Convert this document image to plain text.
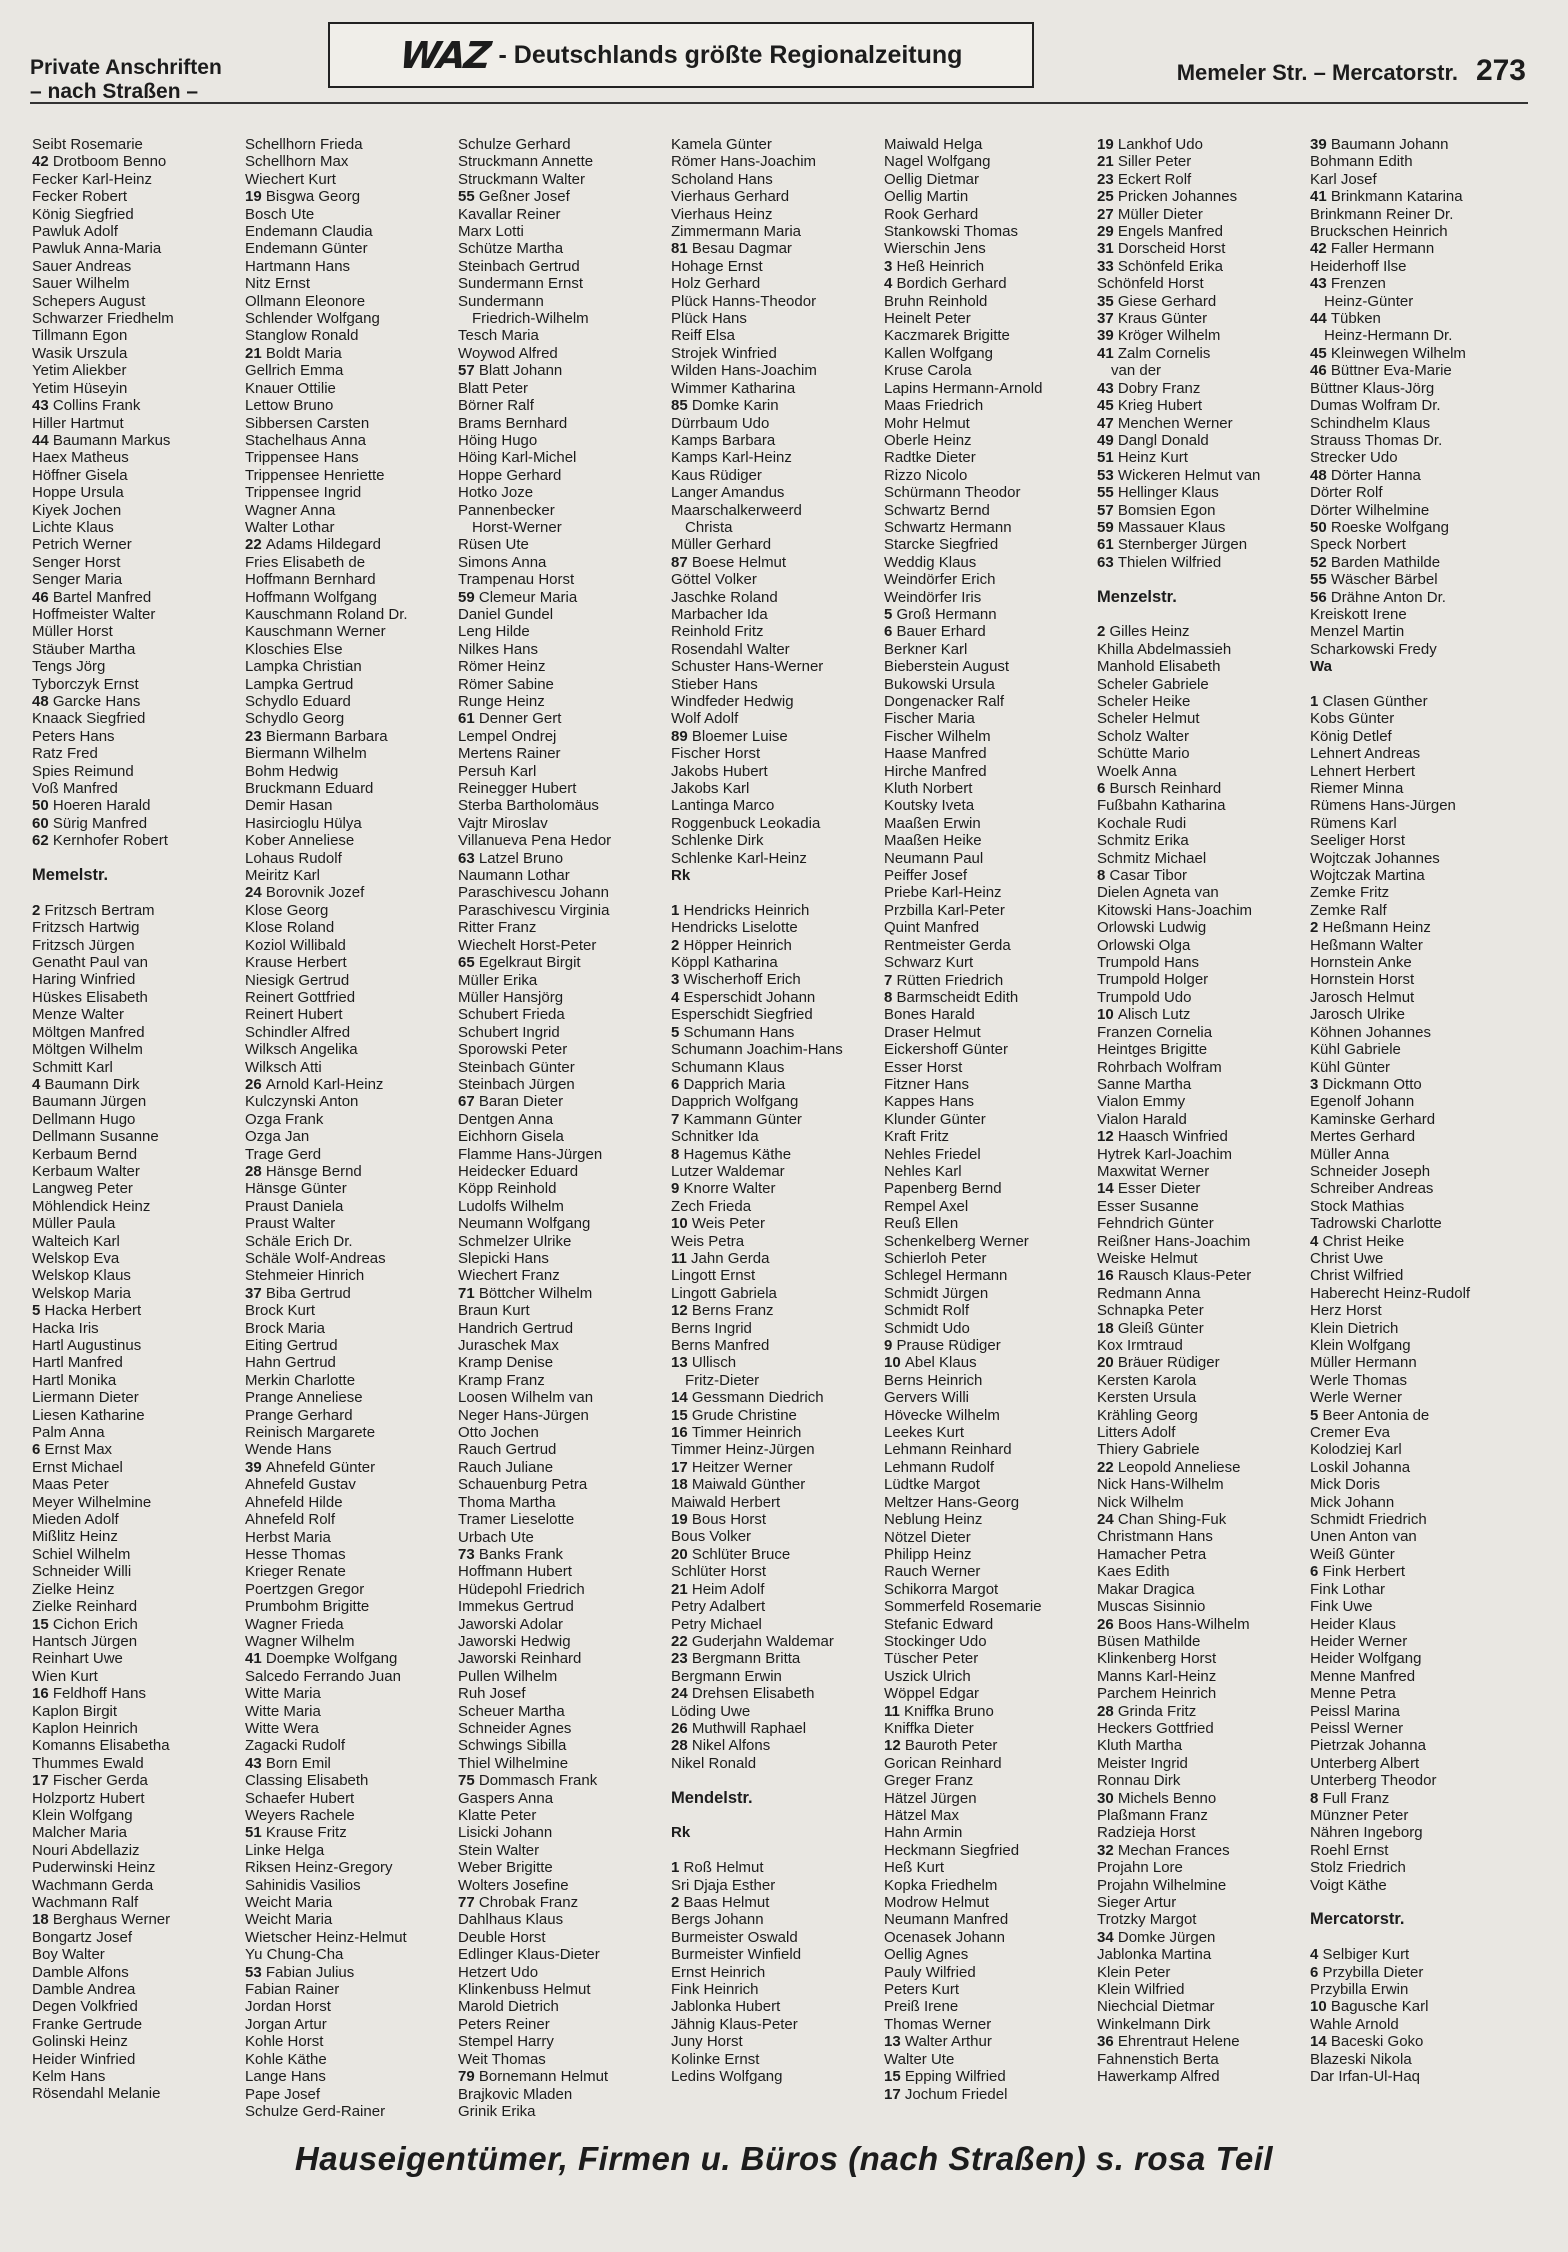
Private Anschriften
– nach Straßen –
WAZ - Deutschlands größte Regionalzeitung
Memeler Str. – Mercatorstr. 273
Seibt Rosemarie
42 Drotboom Benno
Fecker Karl-Heinz
Fecker Robert
König Siegfried
Pawluk Adolf
Pawluk Anna-Maria
Sauer Andreas
Sauer Wilhelm
Schepers August
Schwarzer Friedhelm
Tillmann Egon
Wasik Urszula
Yetim Aliekber
Yetim Hüseyin
43 Collins Frank
Hiller Hartmut
44 Baumann Markus
Haex Matheus
Höffner Gisela
Hoppe Ursula
Kiyek Jochen
Lichte Klaus
Petrich Werner
Senger Horst
Senger Maria
46 Bartel Manfred
Hoffmeister Walter
Müller Horst
Stäuber Martha
Tengs Jörg
Tyborczyk Ernst
48 Garcke Hans
Knaack Siegfried
Peters Hans
Ratz Fred
Spies Reimund
Voß Manfred
50 Hoeren Harald
60 Sürig Manfred
62 Kernhofer Robert
Memelstr.
2 Fritzsch Bertram
Fritzsch Hartwig
Fritzsch Jürgen
Genatht Paul van
Haring Winfried
Hüskes Elisabeth
Menze Walter
Möltgen Manfred
Möltgen Wilhelm
Schmitt Karl
4 Baumann Dirk
Baumann Jürgen
Dellmann Hugo
Dellmann Susanne
Kerbaum Bernd
Kerbaum Walter
Langweg Peter
Möhlendick Heinz
Müller Paula
Walteich Karl
Welskop Eva
Welskop Klaus
Welskop Maria
5 Hacka Herbert
Hacka Iris
Hartl Augustinus
Hartl Manfred
Hartl Monika
Liermann Dieter
Liesen Katharine
Palm Anna
6 Ernst Max
Ernst Michael
Maas Peter
Meyer Wilhelmine
Mieden Adolf
Mißlitz Heinz
Schiel Wilhelm
Schneider Willi
Zielke Heinz
Zielke Reinhard
15 Cichon Erich
Hantsch Jürgen
Reinhart Uwe
Wien Kurt
16 Feldhoff Hans
Kaplon Birgit
Kaplon Heinrich
Komanns Elisabetha
Thummes Ewald
17 Fischer Gerda
Holzportz Hubert
Klein Wolfgang
Malcher Maria
Nouri Abdellaziz
Puderwinski Heinz
Wachmann Gerda
Wachmann Ralf
18 Berghaus Werner
Bongartz Josef
Boy Walter
Damble Alfons
Damble Andrea
Degen Volkfried
Franke Gertrude
Golinski Heinz
Heider Winfried
Kelm Hans
Rösendahl Melanie
Schellhorn Frieda
Schellhorn Max
Wiechert Kurt
19 Bisgwa Georg
Bosch Ute
Endemann Claudia
Endemann Günter
Hartmann Hans
Nitz Ernst
Ollmann Eleonore
Schlender Wolfgang
Stanglow Ronald
21 Boldt Maria
Gellrich Emma
Knauer Ottilie
Lettow Bruno
Sibbersen Carsten
Stachelhaus Anna
Trippensee Hans
Trippensee Henriette
Trippensee Ingrid
Wagner Anna
Walter Lothar
22 Adams Hildegard
Fries Elisabeth de
Hoffmann Bernhard
Hoffmann Wolfgang
Kauschmann Roland Dr.
Kauschmann Werner
Kloschies Else
Lampka Christian
Lampka Gertrud
Schydlo Eduard
Schydlo Georg
23 Biermann Barbara
Biermann Wilhelm
Bohm Hedwig
Bruckmann Eduard
Demir Hasan
Hasircioglu Hülya
Kober Anneliese
Lohaus Rudolf
Meiritz Karl
24 Borovnik Jozef
Klose Georg
Klose Roland
Koziol Willibald
Krause Herbert
Niesigk Gertrud
Reinert Gottfried
Reinert Hubert
Schindler Alfred
Wilksch Angelika
Wilksch Atti
26 Arnold Karl-Heinz
Kulczynski Anton
Ozga Frank
Ozga Jan
Trage Gerd
28 Hänsge Bernd
Hänsge Günter
Praust Daniela
Praust Walter
Schäle Erich Dr.
Schäle Wolf-Andreas
Stehmeier Hinrich
37 Biba Gertrud
Brock Kurt
Brock Maria
Eiting Gertrud
Hahn Gertrud
Merkin Charlotte
Prange Anneliese
Prange Gerhard
Reinisch Margarete
Wende Hans
39 Ahnefeld Günter
Ahnefeld Gustav
Ahnefeld Hilde
Ahnefeld Rolf
Herbst Maria
Hesse Thomas
Krieger Renate
Poertzgen Gregor
Prumbohm Brigitte
Wagner Frieda
Wagner Wilhelm
41 Doempke Wolfgang
Salcedo Ferrando Juan
Witte Maria
Witte Maria
Witte Wera
Zagacki Rudolf
43 Born Emil
Classing Elisabeth
Schaefer Hubert
Weyers Rachele
51 Krause Fritz
Linke Helga
Riksen Heinz-Gregory
Sahinidis Vasilios
Weicht Maria
Weicht Maria
Wietscher Heinz-Helmut
Yu Chung-Cha
53 Fabian Julius
Fabian Rainer
Jordan Horst
Jorgan Artur
Kohle Horst
Kohle Käthe
Lange Hans
Pape Josef
Schulze Gerd-Rainer
Schulze Gerhard
Struckmann Annette
Struckmann Walter
55 Geßner Josef
Kavallar Reiner
Marx Lotti
Schütze Martha
Steinbach Gertrud
Sundermann Ernst
Sundermann
Friedrich-Wilhelm
Tesch Maria
Woywod Alfred
57 Blatt Johann
Blatt Peter
Börner Ralf
Brams Bernhard
Höing Hugo
Höing Karl-Michel
Hoppe Gerhard
Hotko Joze
Pannenbecker
Horst-Werner
Rüsen Ute
Simons Anna
Trampenau Horst
59 Clemeur Maria
Daniel Gundel
Leng Hilde
Nilkes Hans
Römer Heinz
Römer Sabine
Runge Heinz
61 Denner Gert
Lempel Ondrej
Mertens Rainer
Persuh Karl
Reinegger Hubert
Sterba Bartholomäus
Vajtr Miroslav
Villanueva Pena Hedor
63 Latzel Bruno
Naumann Lothar
Paraschivescu Johann
Paraschivescu Virginia
Ritter Franz
Wiechelt Horst-Peter
65 Egelkraut Birgit
Müller Erika
Müller Hansjörg
Schubert Frieda
Schubert Ingrid
Sporowski Peter
Steinbach Günter
Steinbach Jürgen
67 Baran Dieter
Dentgen Anna
Eichhorn Gisela
Flamme Hans-Jürgen
Heidecker Eduard
Köpp Reinhold
Ludolfs Wilhelm
Neumann Wolfgang
Schmelzer Ulrike
Slepicki Hans
Wiechert Franz
71 Böttcher Wilhelm
Braun Kurt
Handrich Gertrud
Juraschek Max
Kramp Denise
Kramp Franz
Loosen Wilhelm van
Neger Hans-Jürgen
Otto Jochen
Rauch Gertrud
Rauch Juliane
Schauenburg Petra
Thoma Martha
Tramer Lieselotte
Urbach Ute
73 Banks Frank
Hoffmann Hubert
Hüdepohl Friedrich
Immekus Gertrud
Jaworski Adolar
Jaworski Hedwig
Jaworski Reinhard
Pullen Wilhelm
Ruh Josef
Scheuer Martha
Schneider Agnes
Schwings Sibilla
Thiel Wilhelmine
75 Dommasch Frank
Gaspers Anna
Klatte Peter
Lisicki Johann
Stein Walter
Weber Brigitte
Wolters Josefine
77 Chrobak Franz
Dahlhaus Klaus
Deuble Horst
Edlinger Klaus-Dieter
Hetzert Udo
Klinkenbuss Helmut
Marold Dietrich
Peters Reiner
Stempel Harry
Weit Thomas
79 Bornemann Helmut
Brajkovic Mladen
Grinik Erika
Kamela Günter
Römer Hans-Joachim
Scholand Hans
Vierhaus Gerhard
Vierhaus Heinz
Zimmermann Maria
81 Besau Dagmar
Hohage Ernst
Holz Gerhard
Plück Hanns-Theodor
Plück Hans
Reiff Elsa
Strojek Winfried
Wilden Hans-Joachim
Wimmer Katharina
85 Domke Karin
Dürrbaum Udo
Kamps Barbara
Kamps Karl-Heinz
Kaus Rüdiger
Langer Amandus
Maarschalkerweerd
Christa
Müller Gerhard
87 Boese Helmut
Göttel Volker
Jaschke Roland
Marbacher Ida
Reinhold Fritz
Rosendahl Walter
Schuster Hans-Werner
Stieber Hans
Windfeder Hedwig
Wolf Adolf
89 Bloemer Luise
Fischer Horst
Jakobs Hubert
Jakobs Karl
Lantinga Marco
Roggenbuck Leokadia
Schlenke Dirk
Schlenke Karl-Heinz
Rk
1 Hendricks Heinrich
Hendricks Liselotte
2 Höpper Heinrich
Köppl Katharina
3 Wischerhoff Erich
4 Esperschidt Johann
Esperschidt Siegfried
5 Schumann Hans
Schumann Joachim-Hans
Schumann Klaus
6 Dapprich Maria
Dapprich Wolfgang
7 Kammann Günter
Schnitker Ida
8 Hagemus Käthe
Lutzer Waldemar
9 Knorre Walter
Zech Frieda
10 Weis Peter
Weis Petra
11 Jahn Gerda
Lingott Ernst
Lingott Gabriela
12 Berns Franz
Berns Ingrid
Berns Manfred
13 Ullisch
Fritz-Dieter
14 Gessmann Diedrich
15 Grude Christine
16 Timmer Heinrich
Timmer Heinz-Jürgen
17 Heitzer Werner
18 Maiwald Günther
Maiwald Herbert
19 Bous Horst
Bous Volker
20 Schlüter Bruce
Schlüter Horst
21 Heim Adolf
Petry Adalbert
Petry Michael
22 Guderjahn Waldemar
23 Bergmann Britta
Bergmann Erwin
24 Drehsen Elisabeth
Löding Uwe
26 Muthwill Raphael
28 Nikel Alfons
Nikel Ronald
Mendelstr.
Rk
1 Roß Helmut
Sri Djaja Esther
2 Baas Helmut
Bergs Johann
Burmeister Oswald
Burmeister Winfield
Ernst Heinrich
Fink Heinrich
Jablonka Hubert
Jähnig Klaus-Peter
Juny Horst
Kolinke Ernst
Ledins Wolfgang
Maiwald Helga
Nagel Wolfgang
Oellig Dietmar
Oellig Martin
Rook Gerhard
Stankowski Thomas
Wierschin Jens
3 Heß Heinrich
4 Bordich Gerhard
Bruhn Reinhold
Heinelt Peter
Kaczmarek Brigitte
Kallen Wolfgang
Kruse Carola
Lapins Hermann-Arnold
Maas Friedrich
Mohr Helmut
Oberle Heinz
Radtke Dieter
Rizzo Nicolo
Schürmann Theodor
Schwartz Bernd
Schwartz Hermann
Starcke Siegfried
Weddig Klaus
Weindörfer Erich
Weindörfer Iris
5 Groß Hermann
6 Bauer Erhard
Berkner Karl
Bieberstein August
Bukowski Ursula
Dongenacker Ralf
Fischer Maria
Fischer Wilhelm
Haase Manfred
Hirche Manfred
Kluth Norbert
Koutsky Iveta
Maaßen Erwin
Maaßen Heike
Neumann Paul
Peiffer Josef
Priebe Karl-Heinz
Przbilla Karl-Peter
Quint Manfred
Rentmeister Gerda
Schwarz Kurt
7 Rütten Friedrich
8 Barmscheidt Edith
Bones Harald
Draser Helmut
Eickershoff Günter
Esser Horst
Fitzner Hans
Kappes Hans
Klunder Günter
Kraft Fritz
Nehles Friedel
Nehles Karl
Papenberg Bernd
Rempel Axel
Reuß Ellen
Schenkelberg Werner
Schierloh Peter
Schlegel Hermann
Schmidt Jürgen
Schmidt Rolf
Schmidt Udo
9 Prause Rüdiger
10 Abel Klaus
Berns Heinrich
Gervers Willi
Hövecke Wilhelm
Leekes Kurt
Lehmann Reinhard
Lehmann Rudolf
Lüdtke Margot
Meltzer Hans-Georg
Neblung Heinz
Nötzel Dieter
Philipp Heinz
Rauch Werner
Schikorra Margot
Sommerfeld Rosemarie
Stefanic Edward
Stockinger Udo
Tüscher Peter
Uszick Ulrich
Wöppel Edgar
11 Kniffka Bruno
Kniffka Dieter
12 Bauroth Peter
Gorican Reinhard
Greger Franz
Hätzel Jürgen
Hätzel Max
Hahn Armin
Heckmann Siegfried
Heß Kurt
Kopka Friedhelm
Modrow Helmut
Neumann Manfred
Ocenasek Johann
Oellig Agnes
Pauly Wilfried
Peters Kurt
Preiß Irene
Thomas Werner
13 Walter Arthur
Walter Ute
15 Epping Wilfried
17 Jochum Friedel
19 Lankhof Udo
21 Siller Peter
23 Eckert Rolf
25 Pricken Johannes
27 Müller Dieter
29 Engels Manfred
31 Dorscheid Horst
33 Schönfeld Erika
Schönfeld Horst
35 Giese Gerhard
37 Kraus Günter
39 Kröger Wilhelm
41 Zalm Cornelis
van der
43 Dobry Franz
45 Krieg Hubert
47 Menchen Werner
49 Dangl Donald
51 Heinz Kurt
53 Wickeren Helmut van
55 Hellinger Klaus
57 Bomsien Egon
59 Massauer Klaus
61 Sternberger Jürgen
63 Thielen Wilfried
Menzelstr.
2 Gilles Heinz
Khilla Abdelmassieh
Manhold Elisabeth
Scheler Gabriele
Scheler Heike
Scheler Helmut
Scholz Walter
Schütte Mario
Woelk Anna
6 Bursch Reinhard
Fußbahn Katharina
Kochale Rudi
Schmitz Erika
Schmitz Michael
8 Casar Tibor
Dielen Agneta van
Kitowski Hans-Joachim
Orlowski Ludwig
Orlowski Olga
Trumpold Hans
Trumpold Holger
Trumpold Udo
10 Alisch Lutz
Franzen Cornelia
Heintges Brigitte
Rohrbach Wolfram
Sanne Martha
Vialon Emmy
Vialon Harald
12 Haasch Winfried
Hytrek Karl-Joachim
Maxwitat Werner
14 Esser Dieter
Esser Susanne
Fehndrich Günter
Reißner Hans-Joachim
Weiske Helmut
16 Rausch Klaus-Peter
Redmann Anna
Schnapka Peter
18 Gleiß Günter
Kox Irmtraud
20 Bräuer Rüdiger
Kersten Karola
Kersten Ursula
Krähling Georg
Litters Adolf
Thiery Gabriele
22 Leopold Anneliese
Nick Hans-Wilhelm
Nick Wilhelm
24 Chan Shing-Fuk
Christmann Hans
Hamacher Petra
Kaes Edith
Makar Dragica
Muscas Sisinnio
26 Boos Hans-Wilhelm
Büsen Mathilde
Klinkenberg Horst
Manns Karl-Heinz
Parchem Heinrich
28 Grinda Fritz
Heckers Gottfried
Kluth Martha
Meister Ingrid
Ronnau Dirk
30 Michels Benno
Plaßmann Franz
Radzieja Horst
32 Mechan Frances
Projahn Lore
Projahn Wilhelmine
Sieger Artur
Trotzky Margot
34 Domke Jürgen
Jablonka Martina
Klein Peter
Klein Wilfried
Niechcial Dietmar
Winkelmann Dirk
36 Ehrentraut Helene
Fahnenstich Berta
Hawerkamp Alfred
39 Baumann Johann
Bohmann Edith
Karl Josef
41 Brinkmann Katarina
Brinkmann Reiner Dr.
Bruckschen Heinrich
42 Faller Hermann
Heiderhoff Ilse
43 Frenzen
Heinz-Günter
44 Tübken
Heinz-Hermann Dr.
45 Kleinwegen Wilhelm
46 Büttner Eva-Marie
Büttner Klaus-Jörg
Dumas Wolfram Dr.
Schindhelm Klaus
Strauss Thomas Dr.
Strecker Udo
48 Dörter Hanna
Dörter Rolf
Dörter Wilhelmine
50 Roeske Wolfgang
Speck Norbert
52 Barden Mathilde
55 Wäscher Bärbel
56 Drähne Anton Dr.
Kreiskott Irene
Menzel Martin
Scharkowski Fredy
Wa
1 Clasen Günther
Kobs Günter
König Detlef
Lehnert Andreas
Lehnert Herbert
Riemer Minna
Rümens Hans-Jürgen
Rümens Karl
Seeliger Horst
Wojtczak Johannes
Wojtczak Martina
Zemke Fritz
Zemke Ralf
2 Heßmann Heinz
Heßmann Walter
Hornstein Anke
Hornstein Horst
Jarosch Helmut
Jarosch Ulrike
Köhnen Johannes
Kühl Gabriele
Kühl Günter
3 Dickmann Otto
Egenolf Johann
Kaminske Gerhard
Mertes Gerhard
Müller Anna
Schneider Joseph
Schreiber Andreas
Stock Mathias
Tadrowski Charlotte
4 Christ Heike
Christ Uwe
Christ Wilfried
Haberecht Heinz-Rudolf
Herz Horst
Klein Dietrich
Klein Wolfgang
Müller Hermann
Werle Thomas
Werle Werner
5 Beer Antonia de
Cremer Eva
Kolodziej Karl
Loskil Johanna
Mick Doris
Mick Johann
Schmidt Friedrich
Unen Anton van
Weiß Günter
6 Fink Herbert
Fink Lothar
Fink Uwe
Heider Klaus
Heider Werner
Heider Wolfgang
Menne Manfred
Menne Petra
Peissl Marina
Peissl Werner
Pietrzak Johanna
Unterberg Albert
Unterberg Theodor
8 Full Franz
Münzner Peter
Nähren Ingeborg
Roehl Ernst
Stolz Friedrich
Voigt Käthe
Mercatorstr.
4 Selbiger Kurt
6 Przybilla Dieter
Przybilla Erwin
10 Bagusche Karl
Wahle Arnold
14 Baceski Goko
Blazeski Nikola
Dar Irfan-Ul-Haq
Hauseigentümer, Firmen u. Büros (nach Straßen) s. rosa Teil
